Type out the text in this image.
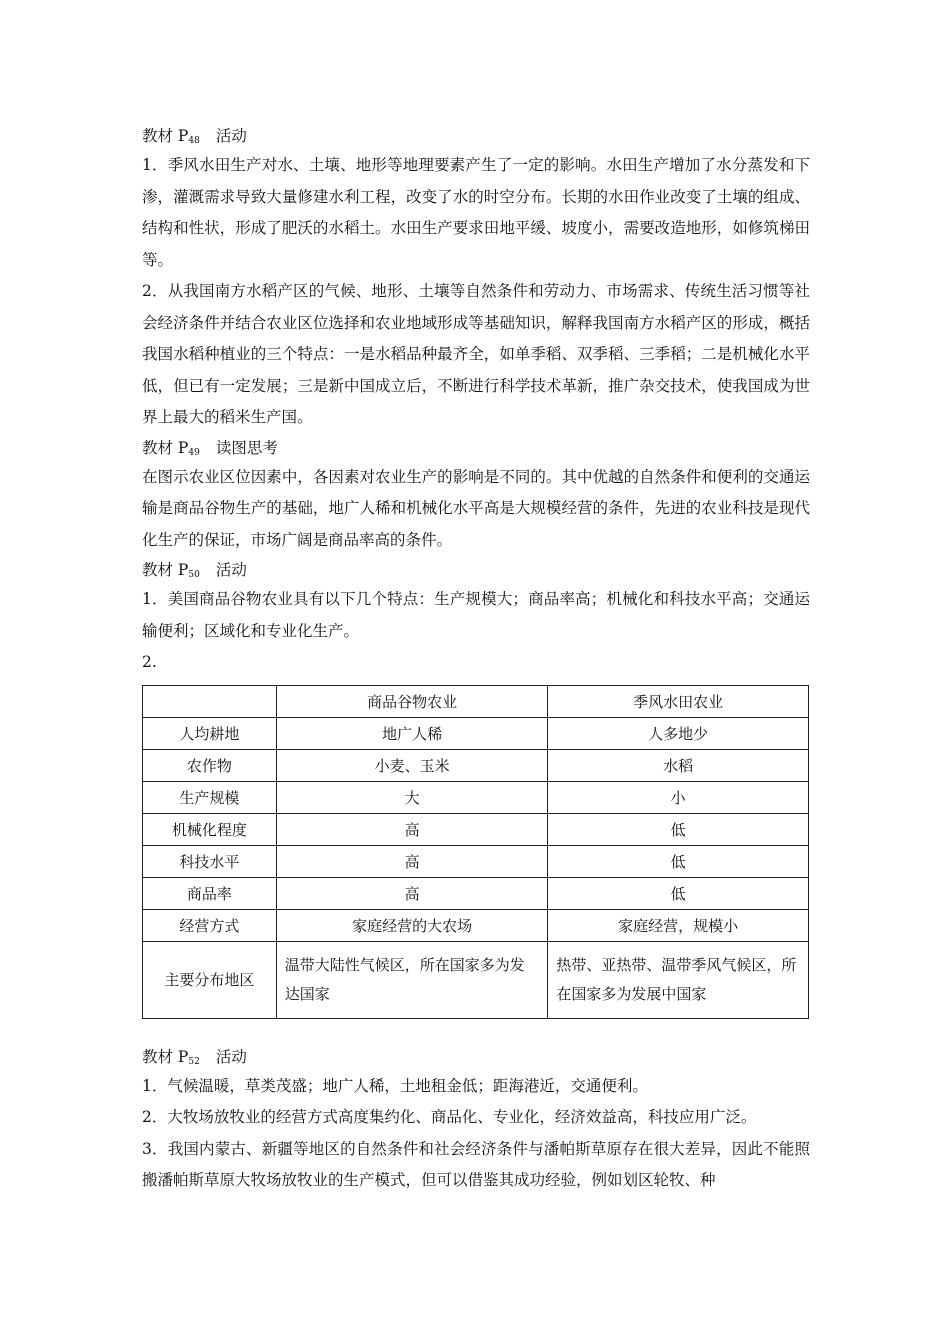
教材 P48 活动

1．季风水田生产对水、土壤、地形等地理要素产生了一定的影响。水田生产增加了水分蒸发和下渗，灌溉需求导致大量修建水利工程，改变了水的时空分布。长期的水田作业改变了土壤的组成、结构和性状，形成了肥沃的水稻土。水田生产要求田地平缓、坡度小，需要改造地形，如修筑梯田等。

2．从我国南方水稻产区的气候、地形、土壤等自然条件和劳动力、市场需求、传统生活习惯等社会经济条件并结合农业区位选择和农业地域形成等基础知识，解释我国南方水稻产区的形成，概括我国水稻种植业的三个特点：一是水稻品种最齐全，如单季稻、双季稻、三季稻；二是机械化水平低，但已有一定发展；三是新中国成立后，不断进行科学技术革新，推广杂交技术，使我国成为世界上最大的稻米生产国。

教材 P49 读图思考

在图示农业区位因素中，各因素对农业生产的影响是不同的。其中优越的自然条件和便利的交通运输是商品谷物生产的基础，地广人稀和机械化水平高是大规模经营的条件，先进的农业科技是现代化生产的保证，市场广阔是商品率高的条件。

教材 P50 活动

1．美国商品谷物农业具有以下几个特点：生产规模大；商品率高；机械化和科技水平高；交通运输便利；区域化和专业化生产。

2.

	商品谷物农业	季风水田农业
人均耕地	地广人稀	人多地少
农作物	小麦、玉米	水稻
生产规模	大	小
机械化程度	高	低
科技水平	高	低
商品率	高	低
经营方式	家庭经营的大农场	家庭经营，规模小
主要分布地区	温带大陆性气候区，所在国家多为发达国家	热带、亚热带、温带季风气候区，所在国家多为发展中国家
教材 P52 活动

1．气候温暖，草类茂盛；地广人稀，土地租金低；距海港近，交通便利。

2．大牧场放牧业的经营方式高度集约化、商品化、专业化，经济效益高，科技应用广泛。

3．我国内蒙古、新疆等地区的自然条件和社会经济条件与潘帕斯草原存在很大差异，因此不能照搬潘帕斯草原大牧场放牧业的生产模式，但可以借鉴其成功经验，例如划区轮牧、种
